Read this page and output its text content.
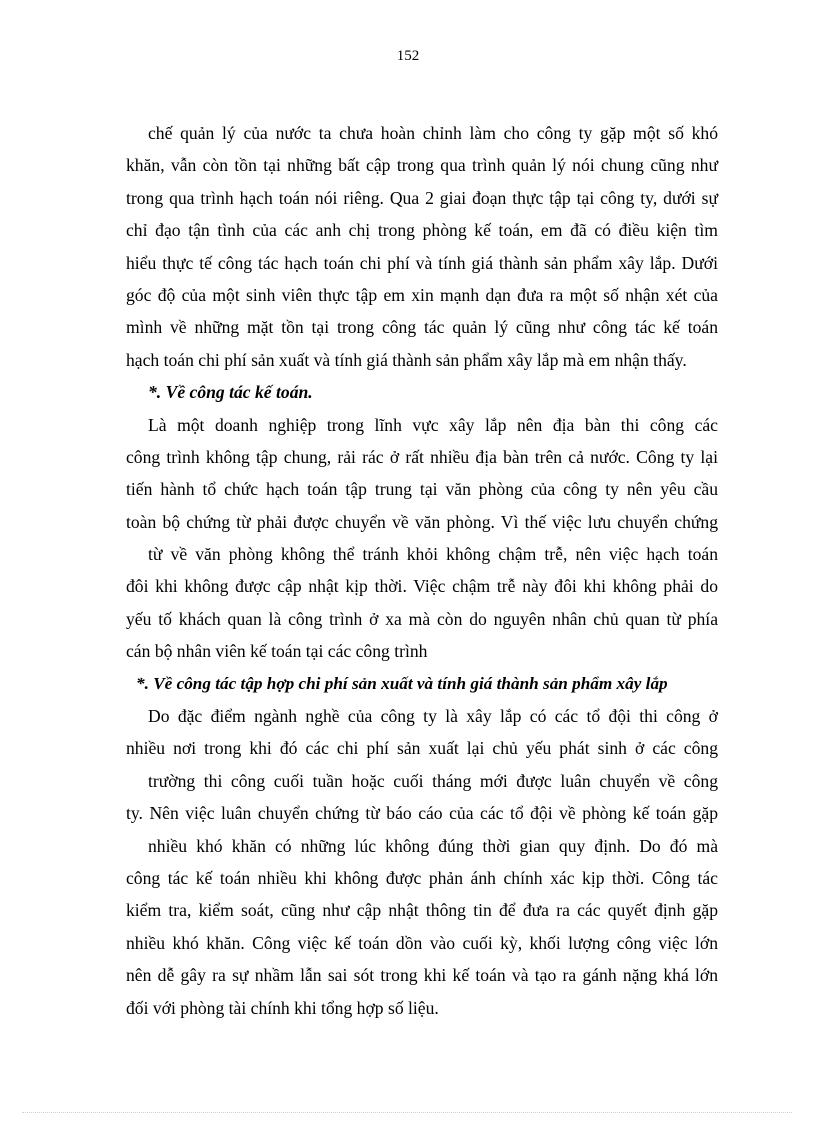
152
chế quản lý của nước ta chưa hoàn chỉnh làm cho công ty gặp một số khó
khăn, vẫn còn tồn tại những bất cập trong qua trình quản lý nói chung cũng như
trong qua trình hạch toán nói riêng. Qua 2 giai đoạn thực tập tại công ty, dưới sự
chỉ đạo tận tình của các anh chị trong phòng kế toán, em đã có điều kiện tìm
hiểu thực tế công tác hạch toán chi phí và tính giá thành sản phẩm xây lắp. Dưới
góc độ của một sinh viên thực tập em xin mạnh dạn đưa ra một số nhận xét của
mình về những mặt tồn tại trong công tác quản lý cũng như công tác kế toán
hạch toán chi phí sản xuất và tính giá thành sản phẩm xây lắp mà em nhận thấy.
*. Về công tác kế toán.
Là một doanh nghiệp trong lĩnh vực xây lắp nên địa bàn thi công các
công trình không tập chung, rải rác ở rất nhiều địa bàn trên cả nước. Công ty lại
tiến hành tổ chức hạch toán tập trung tại văn phòng của công ty nên yêu cầu
toàn bộ chứng từ phải được chuyển về văn phòng. Vì thế việc lưu chuyển chứng
từ về văn phòng không thể tránh khỏi không chậm trễ, nên việc hạch toán
đôi khi không được cập nhật kịp thời. Việc chậm trễ này đôi khi không phải do
yếu tố khách quan là công trình ở xa mà còn do nguyên nhân chủ quan từ phía
cán bộ nhân viên kế toán tại các công trình
*. Về công tác tập hợp chi phí sản xuất và tính giá thành sản phẩm xây lắp
Do đặc điểm ngành nghề của công ty là xây lắp có các tổ đội thi công ở
nhiều nơi trong khi đó các chi phí sản xuất lại chủ yếu phát sinh ở các công
trường thi công cuối tuần hoặc cuối tháng mới được luân chuyển về công
ty. Nên việc luân chuyển chứng từ báo cáo của các tổ đội về phòng kế toán gặp
nhiều khó khăn có những lúc không đúng thời gian quy định. Do đó mà
công tác kế toán nhiều khi không được phản ánh chính xác kịp thời. Công tác
kiểm tra, kiểm soát, cũng như cập nhật thông tin để đưa ra các quyết định gặp
nhiều khó khăn. Công việc kế toán dồn vào cuối kỳ, khối lượng công việc lớn
nên dễ gây ra sự nhầm lẫn sai sót trong khi kế toán và tạo ra gánh nặng khá lớn
đối với phòng tài chính khi tổng hợp số liệu.
